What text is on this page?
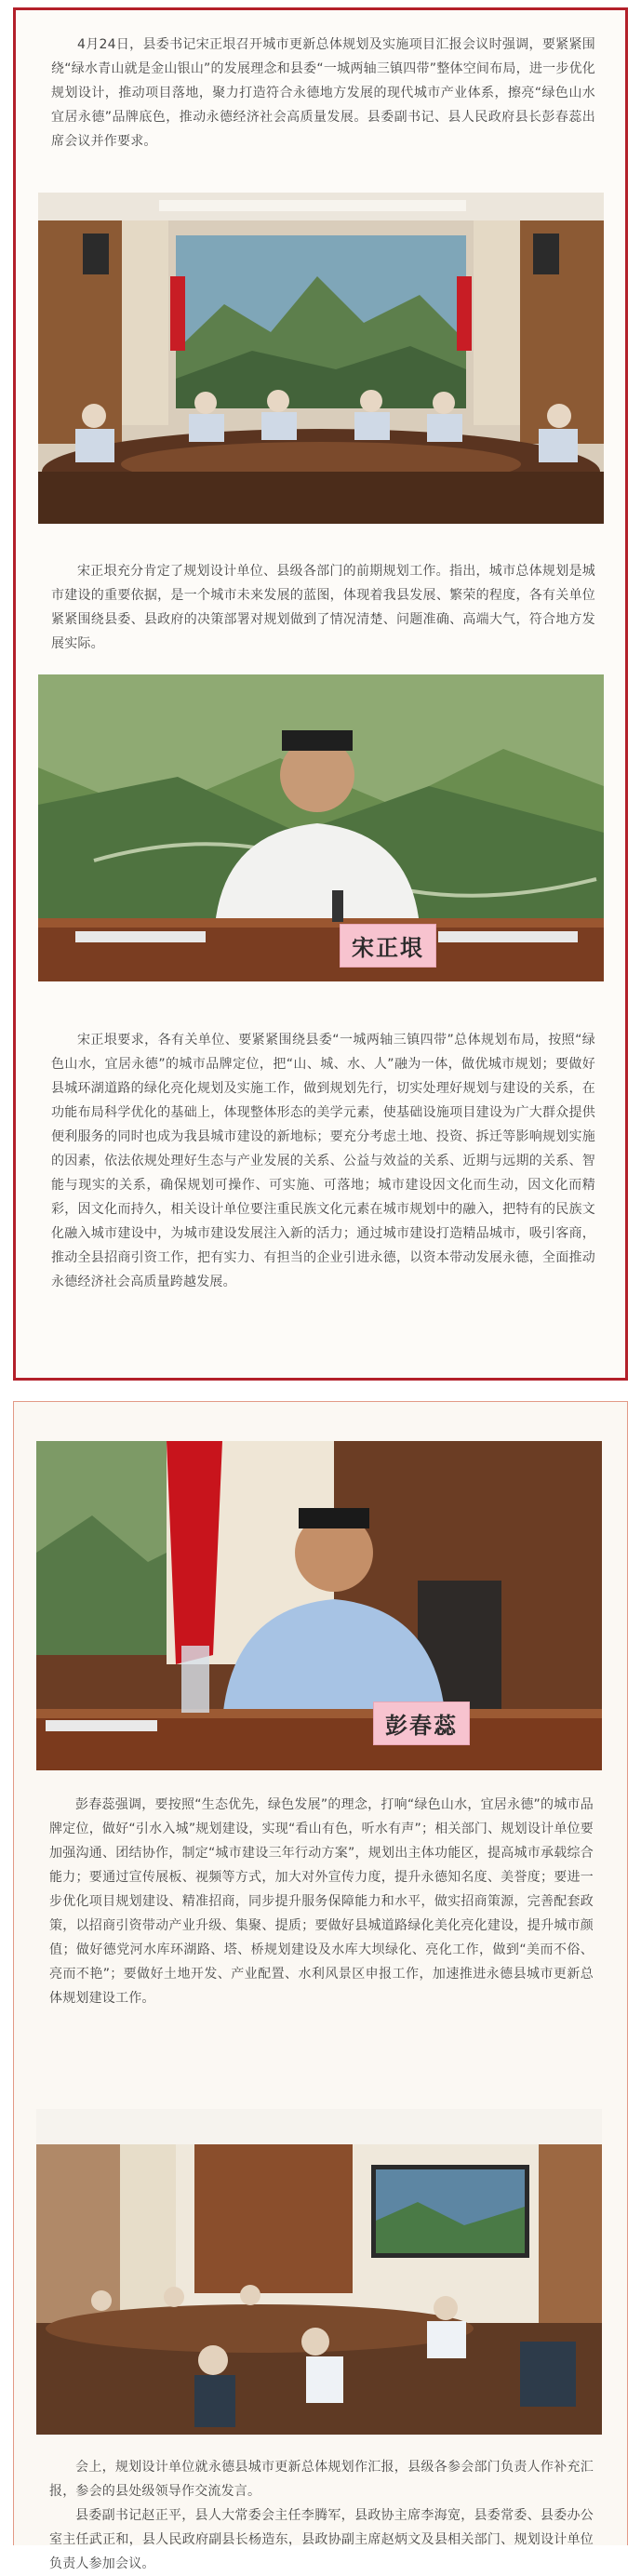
4月24日，县委书记宋正垠召开城市更新总体规划及实施项目汇报会议时强调，要紧紧围绕“绿水青山就是金山银山”的发展理念和县委“一城两轴三镇四带”整体空间布局，进一步优化规划设计，推动项目落地，聚力打造符合永德地方发展的现代城市产业体系，擦亮“绿色山水 宜居永德”品牌底色，推动永德经济社会高质量发展。县委副书记、县人民政府县长彭春蕊出席会议并作要求。

宋正垠充分肯定了规划设计单位、县级各部门的前期规划工作。指出，城市总体规划是城市建设的重要依据，是一个城市未来发展的蓝图，体现着我县发展、繁荣的程度，各有关单位紧紧围绕县委、县政府的决策部署对规划做到了情况清楚、问题准确、高端大气，符合地方发展实际。

宋正垠

宋正垠要求，各有关单位、要紧紧围绕县委“一城两轴三镇四带”总体规划布局，按照“绿色山水，宜居永德”的城市品牌定位，把“山、城、水、人”融为一体，做优城市规划；要做好县城环湖道路的绿化亮化规划及实施工作，做到规划先行，切实处理好规划与建设的关系，在功能布局科学优化的基础上，体现整体形态的美学元素，使基础设施项目建设为广大群众提供便利服务的同时也成为我县城市建设的新地标；要充分考虑土地、投资、拆迁等影响规划实施的因素，依法依规处理好生态与产业发展的关系、公益与效益的关系、近期与远期的关系、智能与现实的关系，确保规划可操作、可实施、可落地；城市建设因文化而生动，因文化而精彩，因文化而持久，相关设计单位要注重民族文化元素在城市规划中的融入，把特有的民族文化融入城市建设中，为城市建设发展注入新的活力；通过城市建设打造精品城市，吸引客商，推动全县招商引资工作，把有实力、有担当的企业引进永德，以资本带动发展永德，全面推动永德经济社会高质量跨越发展。

彭春蕊

彭春蕊强调，要按照“生态优先，绿色发展”的理念，打响“绿色山水，宜居永德”的城市品牌定位，做好“引水入城”规划建设，实现“看山有色，听水有声”；相关部门、规划设计单位要加强沟通、团结协作，制定“城市建设三年行动方案”，规划出主体功能区，提高城市承载综合能力；要通过宣传展板、视频等方式，加大对外宣传力度，提升永德知名度、美誉度；要进一步优化项目规划建设、精准招商，同步提升服务保障能力和水平，做实招商策源，完善配套政策，以招商引资带动产业升级、集聚、提质；要做好县城道路绿化美化亮化建设，提升城市颜值；做好德党河水库环湖路、塔、桥规划建设及水库大坝绿化、亮化工作，做到“美而不俗、亮而不艳”；要做好土地开发、产业配置、水利风景区申报工作，加速推进永德县城市更新总体规划建设工作。

会上，规划设计单位就永德县城市更新总体规划作汇报，县级各参会部门负责人作补充汇报，参会的县处级领导作交流发言。

县委副书记赵正平，县人大常委会主任李腾军，县政协主席李海宽，县委常委、县委办公室主任武正和，县人民政府副县长杨造东，县政协副主席赵炳文及县相关部门、规划设计单位负责人参加会议。
